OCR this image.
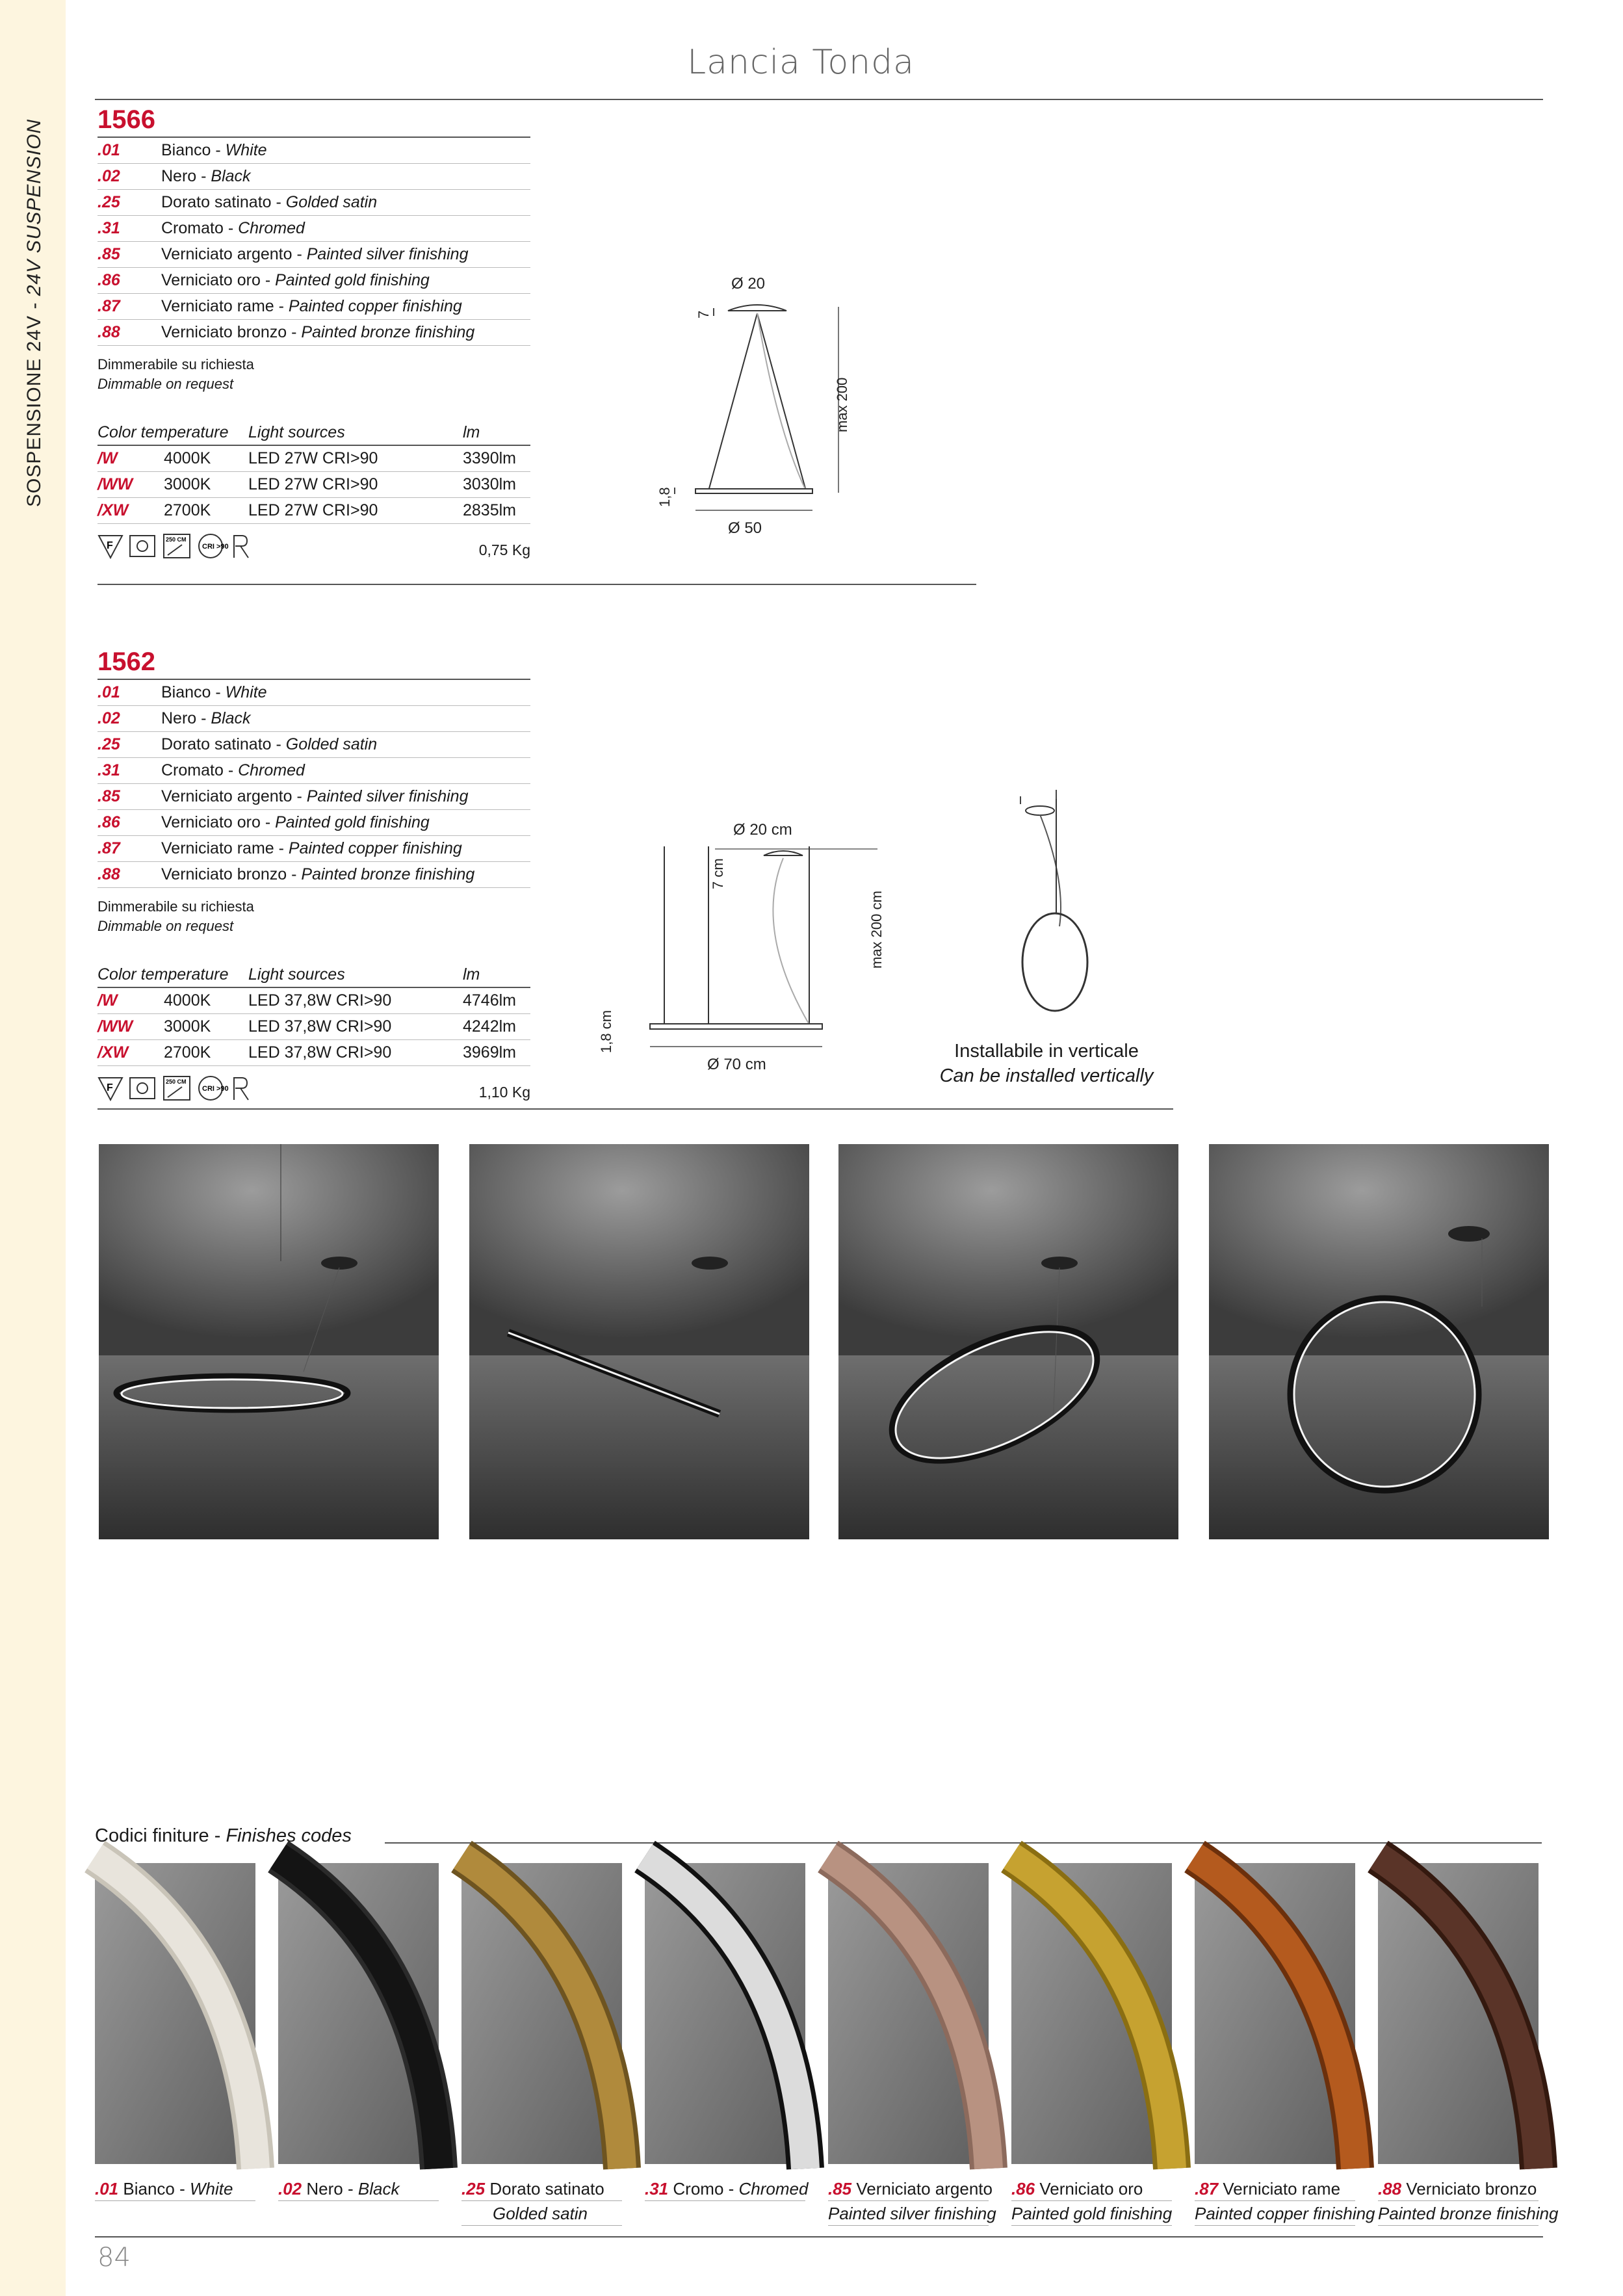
SOSPENSIONE 24V - 24V SUSPENSION
Lancia Tonda
1566
.01	Bianco - White
.02	Nero - Black
.25	Dorato satinato - Golded satin
.31	Cromato - Chromed
.85	Verniciato argento - Painted silver finishing
.86	Verniciato oro - Painted gold finishing
.87	Verniciato rame - Painted copper finishing
.88	Verniciato bronzo - Painted bronze finishing
Dimmerabile su richiesta
Dimmable on request
Color temperature	Light sources	lm
/W	4000K	LED 27W CRI>90	3390lm
/WW	3000K	LED 27W CRI>90	3030lm
/XW	2700K	LED 27W CRI>90	2835lm
F
250 CM
CRI >90	0,75 Kg
1562
.01	Bianco - White
.02	Nero - Black
.25	Dorato satinato - Golded satin
.31	Cromato - Chromed
.85	Verniciato argento - Painted silver finishing
.86	Verniciato oro - Painted gold finishing
.87	Verniciato rame - Painted copper finishing
.88	Verniciato bronzo - Painted bronze finishing
Dimmerabile su richiesta
Dimmable on request
Color temperature	Light sources	lm
/W	4000K	LED 37,8W CRI>90	4746lm
/WW	3000K	LED 37,8W CRI>90	4242lm
/XW	2700K	LED 37,8W CRI>90	3969lm
F
250 CM
CRI >90	1,10 Kg
Ø 20
7
max 200
1,8
Ø 50
Ø 20 cm
7 cm
max 200 cm
1,8 cm
Ø 70 cm
Installabile in verticale
Can be installed vertically
Codici finiture - Finishes codes
.01 Bianco - White	.02 Nero - Black	.25 Dorato satinato
Golded satin
.31 Cromo - Chromed .85 Verniciato argento
Painted silver finishing
.86 Verniciato oro
Painted gold finishing
.87 Verniciato rame
Painted copper finishing
.88 Verniciato bronzo
Painted bronze finishing
84
